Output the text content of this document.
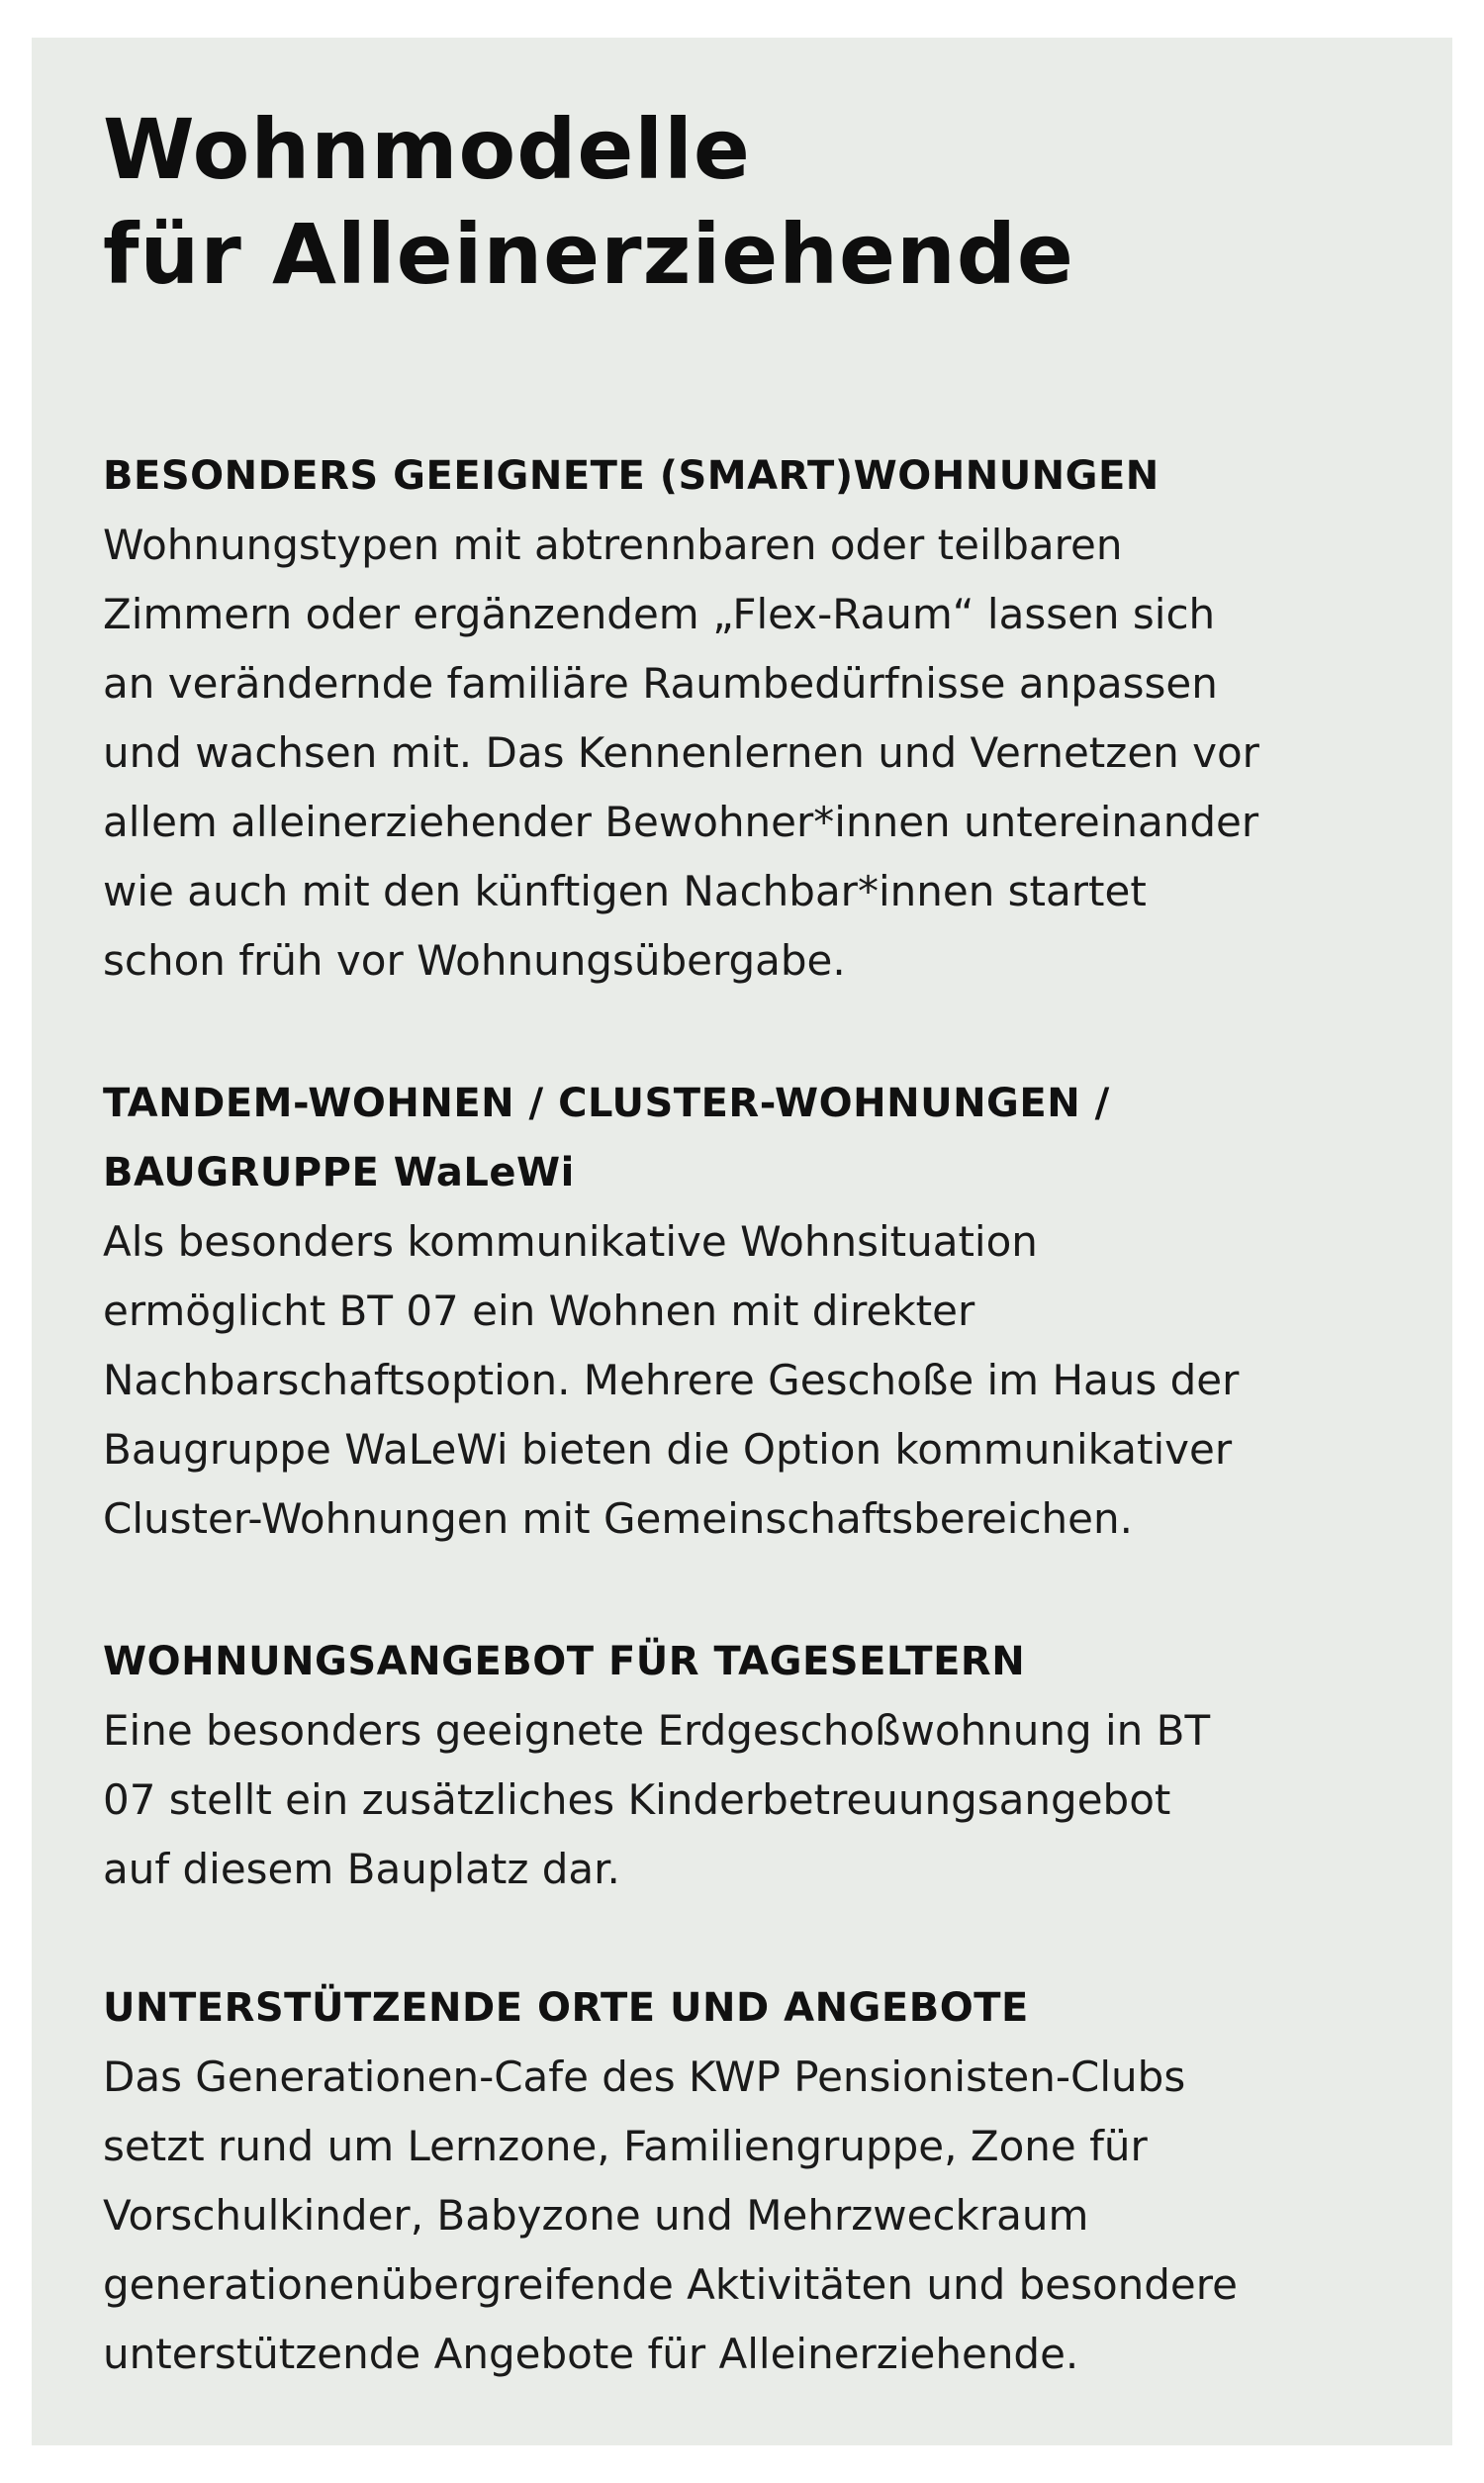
Wohnmodelle
für Alleinerziehende
BESONDERS GEEIGNETE (SMART)WOHNUNGEN

Wohnungstypen mit abtrennbaren oder teilbaren
Zimmern oder ergänzendem „Flex-Raum“ lassen sich
an verändernde familiäre Raumbedürfnisse anpassen
und wachsen mit. Das Kennenlernen und Vernetzen vor
allem alleinerziehender Bewohner*innen untereinander
wie auch mit den künftigen Nachbar*innen startet
schon früh vor Wohnungsübergabe.

TANDEM-WOHNEN / CLUSTER-WOHNUNGEN /
BAUGRUPPE WaLeWi

Als besonders kommunikative Wohnsituation
ermöglicht BT 07 ein Wohnen mit direkter
Nachbarschaftsoption. Mehrere Geschoße im Haus der
Baugruppe WaLeWi bieten die Option kommunikativer
Cluster-Wohnungen mit Gemeinschaftsbereichen.

WOHNUNGSANGEBOT FÜR TAGESELTERN

Eine besonders geeignete Erdgeschoßwohnung in BT
07 stellt ein zusätzliches Kinderbetreuungsangebot
auf diesem Bauplatz dar.

UNTERSTÜTZENDE ORTE UND ANGEBOTE

Das Generationen-Cafe des KWP Pensionisten-Clubs
setzt rund um Lernzone, Familiengruppe, Zone für
Vorschulkinder, Babyzone und Mehrzweckraum
generationenübergreifende Aktivitäten und besondere
unterstützende Angebote für Alleinerziehende.
